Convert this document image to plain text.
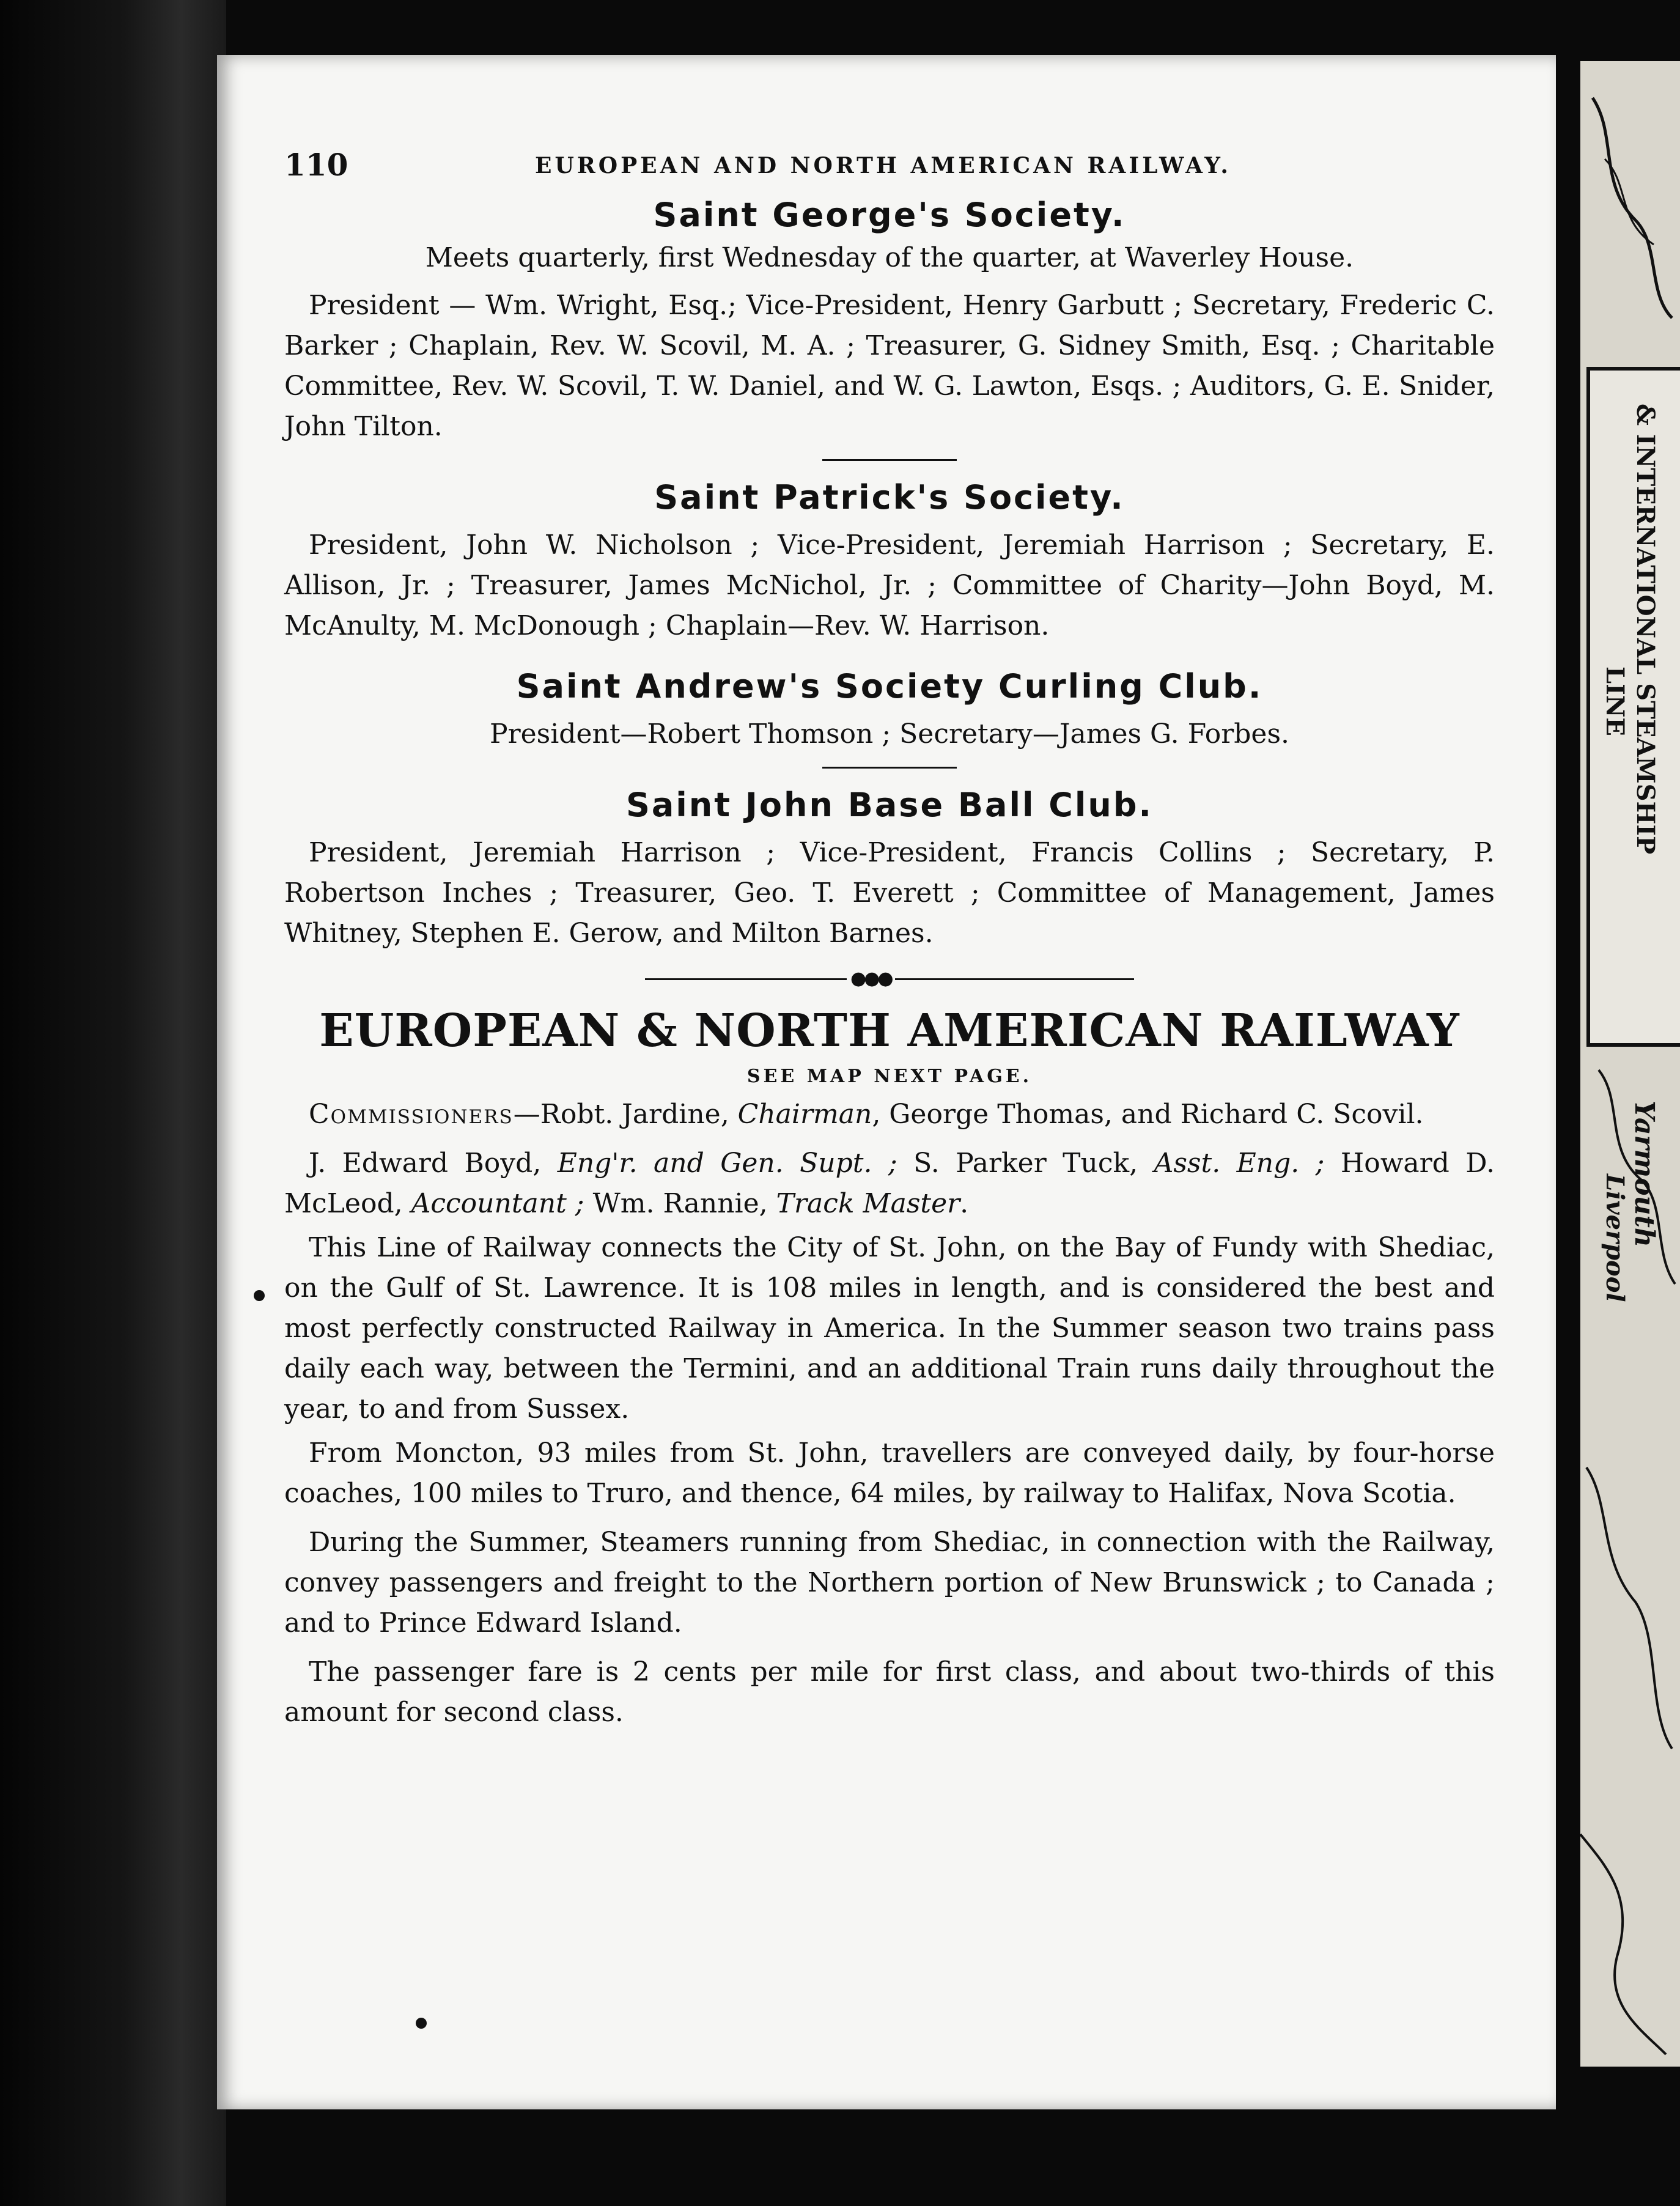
110	EUROPEAN AND NORTH AMERICAN RAILWAY.
Saint George's Society.

Meets quarterly, first Wednesday of the quarter, at Waverley House.

President — Wm. Wright, Esq.; Vice-President, Henry Garbutt ; Secretary, Frederic C. Barker ; Chaplain, Rev. W. Scovil, M. A. ; Treasurer, G. Sidney Smith, Esq. ; Charitable Committee, Rev. W. Scovil, T. W. Daniel, and W. G. Lawton, Esqs. ; Auditors, G. E. Snider, John Tilton.

Saint Patrick's Society.

President, John W. Nicholson ; Vice-President, Jeremiah Harrison ; Secretary, E. Allison, Jr. ; Treasurer, James McNichol, Jr. ; Committee of Charity—John Boyd, M. McAnulty, M. McDonough ; Chaplain—Rev. W. Harrison.

Saint Andrew's Society Curling Club.

President—Robert Thomson ; Secretary—James G. Forbes.

Saint John Base Ball Club.

President, Jeremiah Harrison ; Vice-President, Francis Collins ; Secretary, P. Robertson Inches ; Treasurer, Geo. T. Everett ; Committee of Management, James Whitney, Stephen E. Gerow, and Milton Barnes.

●●●
EUROPEAN & NORTH AMERICAN RAILWAY
SEE MAP NEXT PAGE.

Commissioners—Robt. Jardine, Chairman, George Thomas, and Richard C. Scovil.

J. Edward Boyd, Eng'r. and Gen. Supt. ; S. Parker Tuck, Asst. Eng. ; Howard D. McLeod, Accountant ; Wm. Rannie, Track Master.

This Line of Railway connects the City of St. John, on the Bay of Fundy with Shediac, on the Gulf of St. Lawrence. It is 108 miles in length, and is considered the best and most perfectly constructed Railway in America. In the Summer season two trains pass daily each way, between the Termini, and an additional Train runs daily throughout the year, to and from Sussex.

From Moncton, 93 miles from St. John, travellers are conveyed daily, by four-horse coaches, 100 miles to Truro, and thence, 64 miles, by railway to Halifax, Nova Scotia.

During the Summer, Steamers running from Shediac, in connection with the Railway, convey passengers and freight to the Northern portion of New Brunswick ; to Canada ; and to Prince Edward Island.

The passenger fare is 2 cents per mile for first class, and about two-thirds of this amount for second class.

& INTERNATIONAL STEAMSHIP
LINE
Yarmouth
Liverpool
